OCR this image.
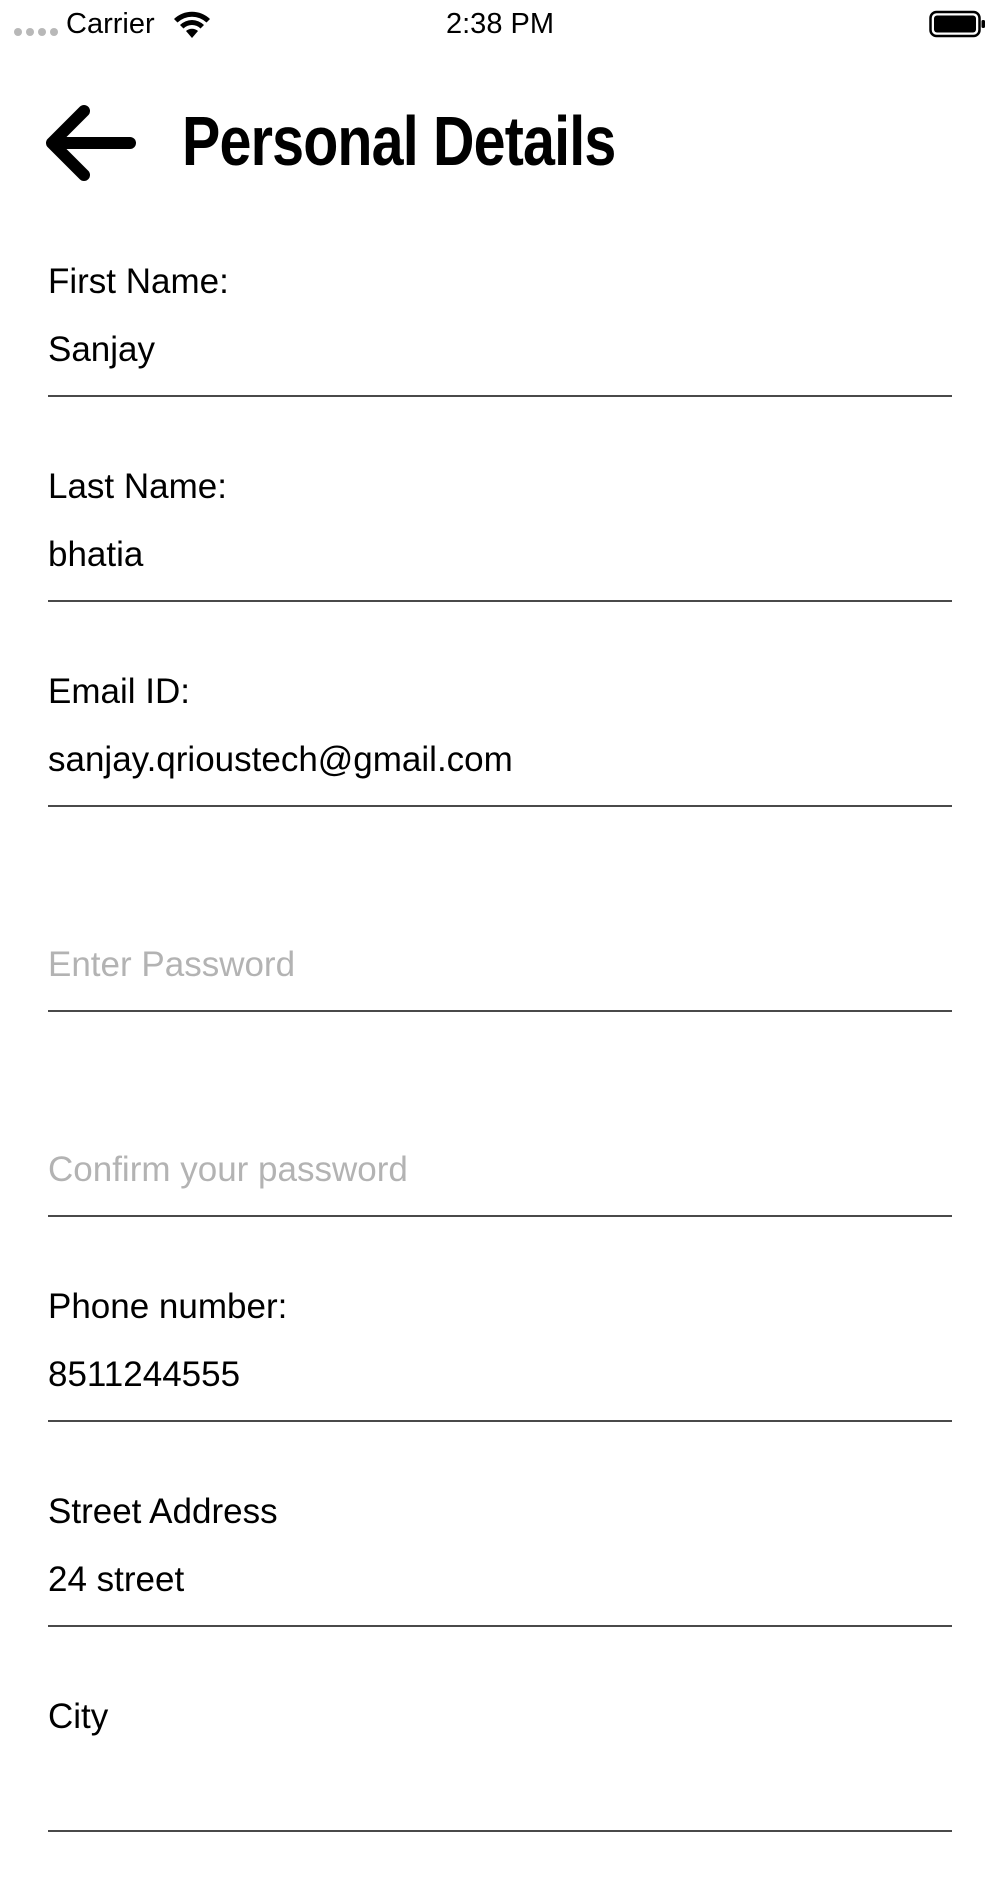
Carrier	2:38 PM
Personal Details
First Name:
Sanjay
Last Name:
bhatia
Email ID:
sanjay.qrioustech@gmail.com
Phone number:
8511244555
Street Address
24 street
City
